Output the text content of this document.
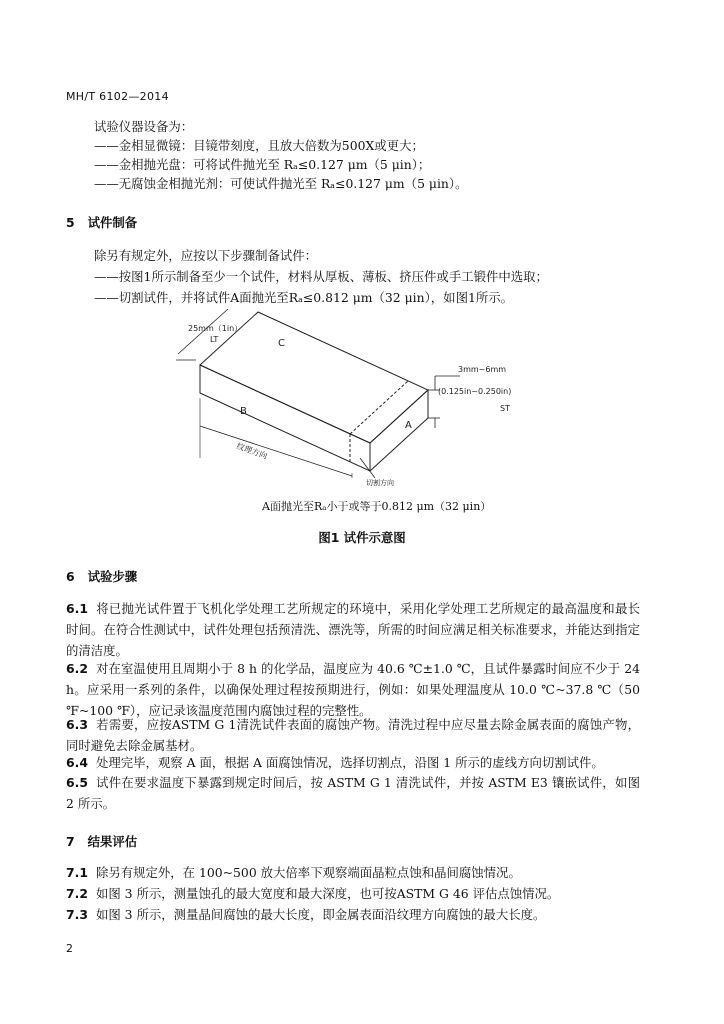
MH/T 6102—2014
试验仪器设备为：
——金相显微镜：目镜带刻度，且放大倍数为500X或更大；
——金相抛光盘：可将试件抛光至 Rₐ≤0.127 μm（5 μin）；
——无腐蚀金相抛光剂：可使试件抛光至 Rₐ≤0.127 μm（5 μin）。
5 试件制备
除另有规定外，应按以下步骤制备试件：
——按图1所示制备至少一个试件，材料从厚板、薄板、挤压件或手工锻件中选取；
——切割试件，并将试件A面抛光至Rₐ≤0.812 μm（32 μin），如图1所示。
25mm（1in）
LT	C
B
A
3mm~6mm
(0.125in~0.250in)
ST
纹理方向
切割方向
A面抛光至Rₐ小于或等于0.812 μm（32 μin）
图1 试件示意图
6 试验步骤
6.1 将已抛光试件置于飞机化学处理工艺所规定的环境中，采用化学处理工艺所规定的最高温度和最长时间。在符合性测试中，试件处理包括预清洗、漂洗等，所需的时间应满足相关标准要求，并能达到指定的清洁度。
6.2 对在室温使用且周期小于 8 h 的化学品，温度应为 40.6 ℃±1.0 ℃，且试件暴露时间应不少于 24 h。应采用一系列的条件，以确保处理过程按预期进行，例如：如果处理温度从 10.0 ℃~37.8 ℃（50 ℉~100 ℉），应记录该温度范围内腐蚀过程的完整性。
6.3 若需要，应按ASTM G 1清洗试件表面的腐蚀产物。清洗过程中应尽量去除金属表面的腐蚀产物，同时避免去除金属基材。
6.4 处理完毕，观察 A 面，根据 A 面腐蚀情况，选择切割点，沿图 1 所示的虚线方向切割试件。
6.5 试件在要求温度下暴露到规定时间后，按 ASTM G 1 清洗试件，并按 ASTM E3 镶嵌试件，如图 2 所示。
7 结果评估
7.1 除另有规定外，在 100~500 放大倍率下观察端面晶粒点蚀和晶间腐蚀情况。
7.2 如图 3 所示，测量蚀孔的最大宽度和最大深度，也可按ASTM G 46 评估点蚀情况。
7.3 如图 3 所示，测量晶间腐蚀的最大长度，即金属表面沿纹理方向腐蚀的最大长度。
2
